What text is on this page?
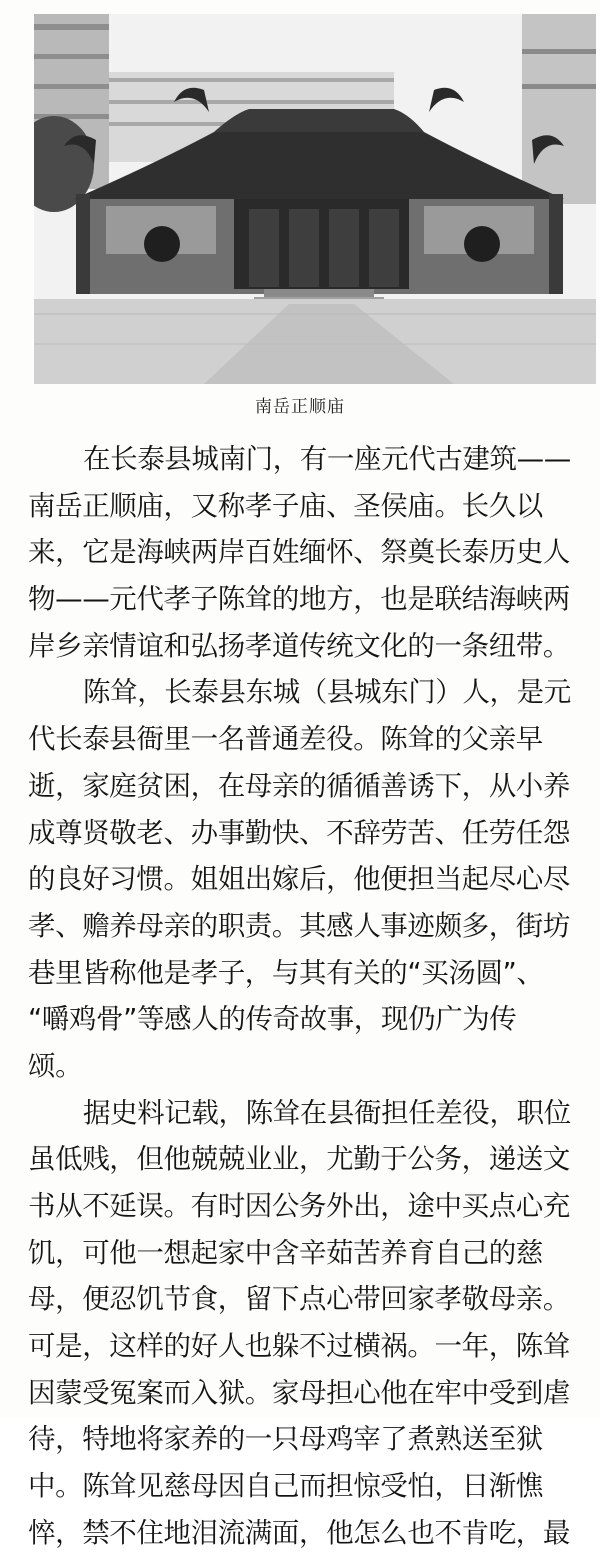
南岳正顺庙
在长泰县城南门，有一座元代古建筑——
南岳正顺庙，又称孝子庙、圣侯庙。长久以
来，它是海峡两岸百姓缅怀、祭奠长泰历史人
物——元代孝子陈耸的地方，也是联结海峡两
岸乡亲情谊和弘扬孝道传统文化的一条纽带。
陈耸，长泰县东城（县城东门）人，是元
代长泰县衙里一名普通差役。陈耸的父亲早
逝，家庭贫困，在母亲的循循善诱下，从小养
成尊贤敬老、办事勤快、不辞劳苦、任劳任怨
的良好习惯。姐姐出嫁后，他便担当起尽心尽
孝、赡养母亲的职责。其感人事迹颇多，街坊
巷里皆称他是孝子，与其有关的“买汤圆”、
“嚼鸡骨”等感人的传奇故事，现仍广为传
颂。
据史料记载，陈耸在县衙担任差役，职位
虽低贱，但他兢兢业业，尤勤于公务，递送文
书从不延误。有时因公务外出，途中买点心充
饥，可他一想起家中含辛茹苦养育自己的慈
母，便忍饥节食，留下点心带回家孝敬母亲。
可是，这样的好人也躲不过横祸。一年，陈耸
因蒙受冤案而入狱。家母担心他在牢中受到虐
待，特地将家养的一只母鸡宰了煮熟送至狱
中。陈耸见慈母因自己而担惊受怕，日渐憔
悴，禁不住地泪流满面，他怎么也不肯吃，最
